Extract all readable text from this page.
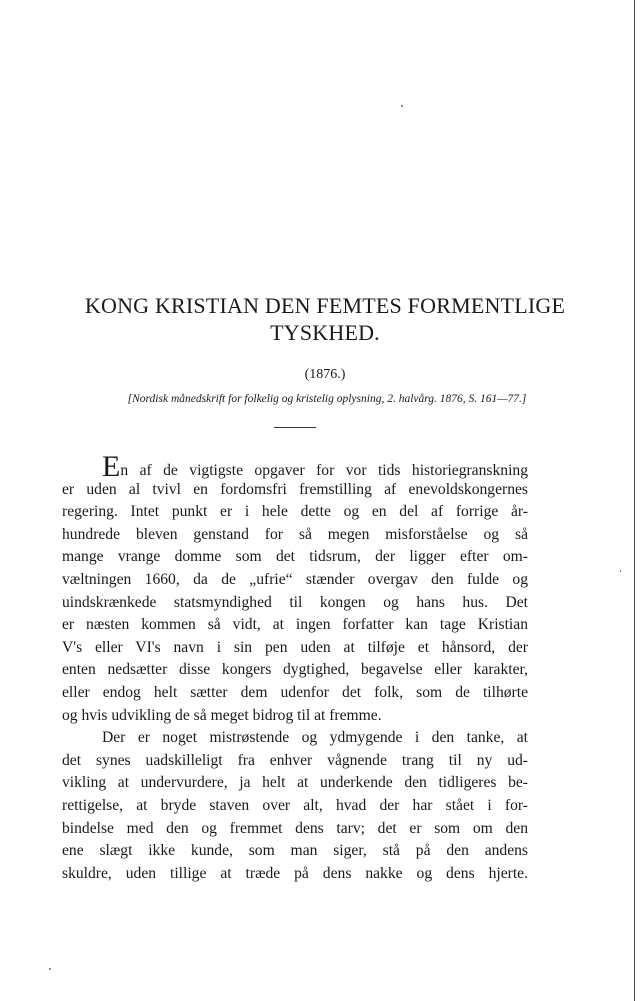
KONG KRISTIAN DEN FEMTES FORMENTLIGE
TYSKHED.
(1876.)
[Nordisk månedskrift for folkelig og kristelig oplysning, 2. halvårg. 1876, S. 161—77.]
En af de vigtigste opgaver for vor tids historiegranskning
er uden al tvivl en fordomsfri fremstilling af enevoldskongernes
regering. Intet punkt er i hele dette og en del af forrige år-
hundrede bleven genstand for så megen misforståelse og så
mange vrange domme som det tidsrum, der ligger efter om-
væltningen 1660, da de „ufrie“ stænder overgav den fulde og
uindskrænkede statsmyndighed til kongen og hans hus. Det
er næsten kommen så vidt, at ingen forfatter kan tage Kristian
V's eller VI's navn i sin pen uden at tilføje et hånsord, der
enten nedsætter disse kongers dygtighed, begavelse eller karakter,
eller endog helt sætter dem udenfor det folk, som de tilhørte
og hvis udvikling de så meget bidrog til at fremme.
Der er noget mistrøstende og ydmygende i den tanke, at
det synes uadskilleligt fra enhver vågnende trang til ny ud-
vikling at undervurdere, ja helt at underkende den tidligeres be-
rettigelse, at bryde staven over alt, hvad der har stået i for-
bindelse med den og fremmet dens tarv; det er som om den
ene slægt ikke kunde, som man siger, stå på den andens
skuldre, uden tillige at træde på dens nakke og dens hjerte.
